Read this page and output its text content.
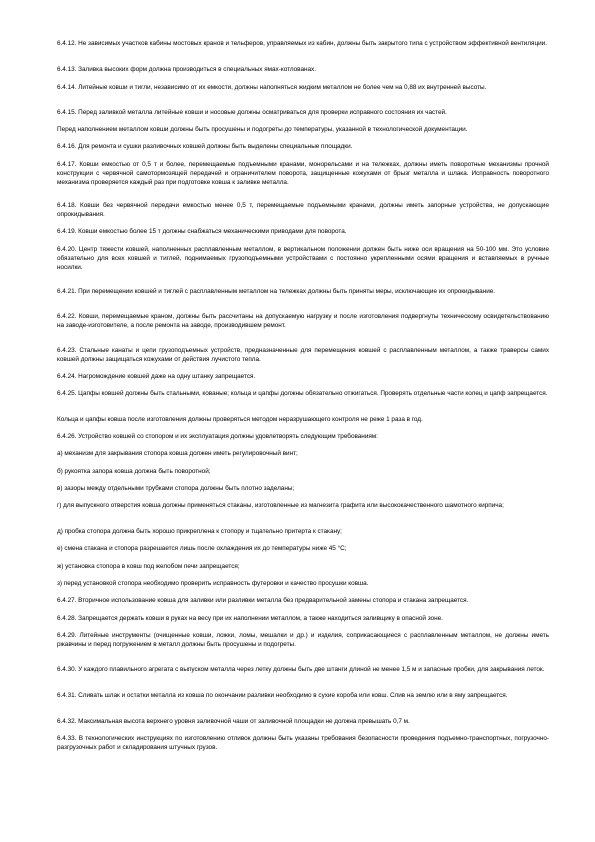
6.4.12. Не зависимых участков кабины мостовых кранов и тельферов, управляемых из кабин, должны быть закрытого типа с устройством эффективной вентиляции.

6.4.13. Заливка высоких форм должна производиться в специальных ямах-котлованах.

6.4.14. Литейные ковши и тигли, независимо от их емкости, должны наполняться жидким металлом не более чем на 0,88 их внутренней высоты.

6.4.15. Перед заливкой металла литейные ковши и носовые должны осматриваться для проверки исправного состояния их частей.

Перед наполнением металлом ковши должны быть просушены и подогреты до температуры, указанной в технологической документации.

6.4.16. Для ремонта и сушки разливочных ковшей должны быть выделены специальные площадки.

6.4.17. Ковши емкостью от 0,5 т и более, перемещаемые подъемными кранами, монорельсами и на тележках, должны иметь поворотные механизмы прочной конструкции с червячной самотормозящей передачей и ограничителем поворота, защищенные кожухами от брызг металла и шлака. Исправность поворотного механизма проверяется каждый раз при подготовке ковша к заливке металла.

6.4.18. Ковши без червячной передачи емкостью менее 0,5 т, перемещаемые подъемными кранами, должны иметь запорные устройства, не допускающие опрокидывания.

6.4.19. Ковши емкостью более 15 т должны снабжаться механическими приводами для поворота.

6.4.20. Центр тяжести ковшей, наполненных расплавленным металлом, в вертикальном положении должен быть ниже оси вращения на 50-100 мм. Это условие обязательно для всех ковшей и тиглей, поднимаемых грузоподъемными устройствами с постоянно укрепленными осями вращения и вставляемых в ручные носилки.

6.4.21. При перемещении ковшей и тиглей с расплавленным металлом на тележках должны быть приняты меры, исключающие их опрокидывание.

6.4.22. Ковши, перемещаемые краном, должны быть рассчитаны на допускаемую нагрузку и после изготовления подвергнуты техническому освидетельствованию на заводе-изготовителе, а после ремонта на заводе, производившем ремонт.

6.4.23. Стальные канаты и цепи грузоподъемных устройств, предназначенные для перемещения ковшей с расплавленным металлом, а также траверсы самих ковшей должны защищаться кожухами от действия лучистого тепла.

6.4.24. Нагромождение ковшей даже на одну штанку запрещается.

6.4.25. Цапфы ковшей должны быть стальными, кованые; кольца и цапфы должны обязательно отжигаться. Проверять отдельные части колец и цапф запрещается.

Кольца и цапфы ковша после изготовления должны проверяться методом неразрушающего контроля не реже 1 раза в год.

6.4.26. Устройство ковшей со стопором и их эксплуатация должны удовлетворять следующим требованиям:

а) механизм для закрывания стопора ковша должен иметь регулировочный винт;

б) рукоятка запора ковша должна быть поворотной;

в) зазоры между отдельными трубками стопора должны быть плотно заделаны;

г) для выпускного отверстия ковша должны применяться стаканы, изготовленные из магнезита графита или высококачественного шамотного кирпича;

д) пробка стопора должна быть хорошо прикреплена к стопору и тщательно притерта к стакану;

е) смена стакана и стопора разрешается лишь после охлаждения их до температуры ниже 45 °С;

ж) установка стопора в ковш под желобом печи запрещается;

з) перед установкой стопора необходимо проверить исправность футеровки и качество просушки ковша.

6.4.27. Вторичное использование ковша для заливки или разливки металла без предварительной замены стопора и стакана запрещается.

6.4.28. Запрещается держать ковши в руках на весу при их наполнении металлом, а также находиться заливщику в опасной зоне.

6.4.29. Литейные инструменты (очищенные ковши, ложки, ломы, мешалки и др.) и изделия, соприкасающиеся с расплавленным металлом, не должны иметь ржавчины и перед погружением в металл должны быть просушены и подогреты.

6.4.30. У каждого плавильного агрегата с выпуском металла через летку должны быть две штанги длиной не менее 1,5 м и запасные пробки, для закрывания леток.

6.4.31. Сливать шлак и остатки металла из ковша по окончании разливки необходимо в сухие короба или ковш. Слив на землю или в яму запрещается.

6.4.32. Максимальная высота верхнего уровня заливочной чаши от заливочной площадки не должна превышать 0,7 м.

6.4.33. В технологических инструкциях по изготовлению отливок должны быть указаны требования безопасности проведения подъемно-транспортных, погрузочно-разгрузочных работ и складирования штучных грузов.
